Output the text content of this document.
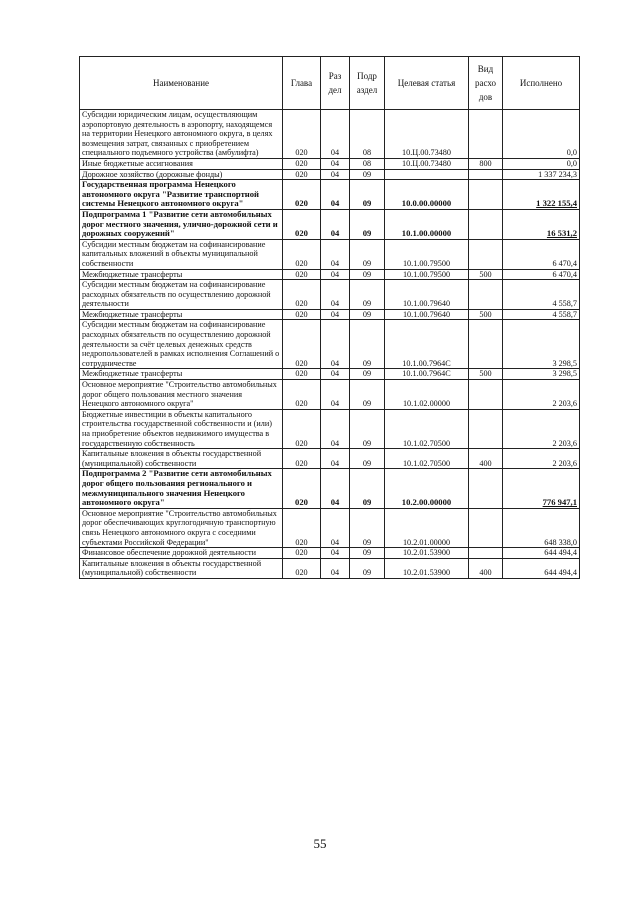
Наименование	Глава	Раз дел	Подр аздел	Целевая статья	Вид расхо дов	Исполнено
Субсидии юридическим лицам, осуществляющим аэропортовую деятельность в аэропорту, находящемся на территории Ненецкого автономного округа, в целях возмещения затрат, связанных с приобретением специального подъемного устройства (амбулифта)	020	04	08	10.Ц.00.73480		0,0
Иные бюджетные ассигнования	020	04	08	10.Ц.00.73480	800	0,0
Дорожное хозяйство (дорожные фонды)	020	04	09			1 337 234,3
Государственная программа Ненецкого автономного округа "Развитие транспортной системы Ненецкого автономного округа"	020	04	09	10.0.00.00000		1 322 155,4
Подпрограмма 1 "Развитие сети автомобильных дорог местного значения, улично-дорожной сети и дорожных сооружений"	020	04	09	10.1.00.00000		16 531,2
Субсидии местным бюджетам на софинансирование капитальных вложений в объекты муниципальной собственности	020	04	09	10.1.00.79500		6 470,4
Межбюджетные трансферты	020	04	09	10.1.00.79500	500	6 470,4
Субсидии местным бюджетам на софинансирование расходных обязательств по осуществлению дорожной деятельности	020	04	09	10.1.00.79640		4 558,7
Межбюджетные трансферты	020	04	09	10.1.00.79640	500	4 558,7
Субсидии местным бюджетам на софинансирование расходных обязательств по осуществлению дорожной деятельности за счёт целевых денежных средств недропользователей в рамках исполнения Соглашений о сотрудничестве	020	04	09	10.1.00.7964С		3 298,5
Межбюджетные трансферты	020	04	09	10.1.00.7964С	500	3 298,5
Основное мероприятие "Строительство автомобильных дорог общего пользования местного значения Ненецкого автономного округа"	020	04	09	10.1.02.00000		2 203,6
Бюджетные инвестиции в объекты капитального строительства государственной собственности и (или) на приобретение объектов недвижимого имущества в государственную собственность	020	04	09	10.1.02.70500		2 203,6
Капитальные вложения в объекты государственной (муниципальной) собственности	020	04	09	10.1.02.70500	400	2 203,6
Подпрограмма 2 "Развитие сети автомобильных дорог общего пользования регионального и межмуниципального значения Ненецкого автономного округа"	020	04	09	10.2.00.00000		776 947,1
Основное мероприятие "Строительство автомобильных дорог обеспечивающих круглогодичную транспортную связь Ненецкого автономного округа с соседними субъектами Российской Федерации"	020	04	09	10.2.01.00000		648 338,0
Финансовое обеспечение дорожной деятельности	020	04	09	10.2.01.53900		644 494,4
Капитальные вложения в объекты государственной (муниципальной) собственности	020	04	09	10.2.01.53900	400	644 494,4
55
